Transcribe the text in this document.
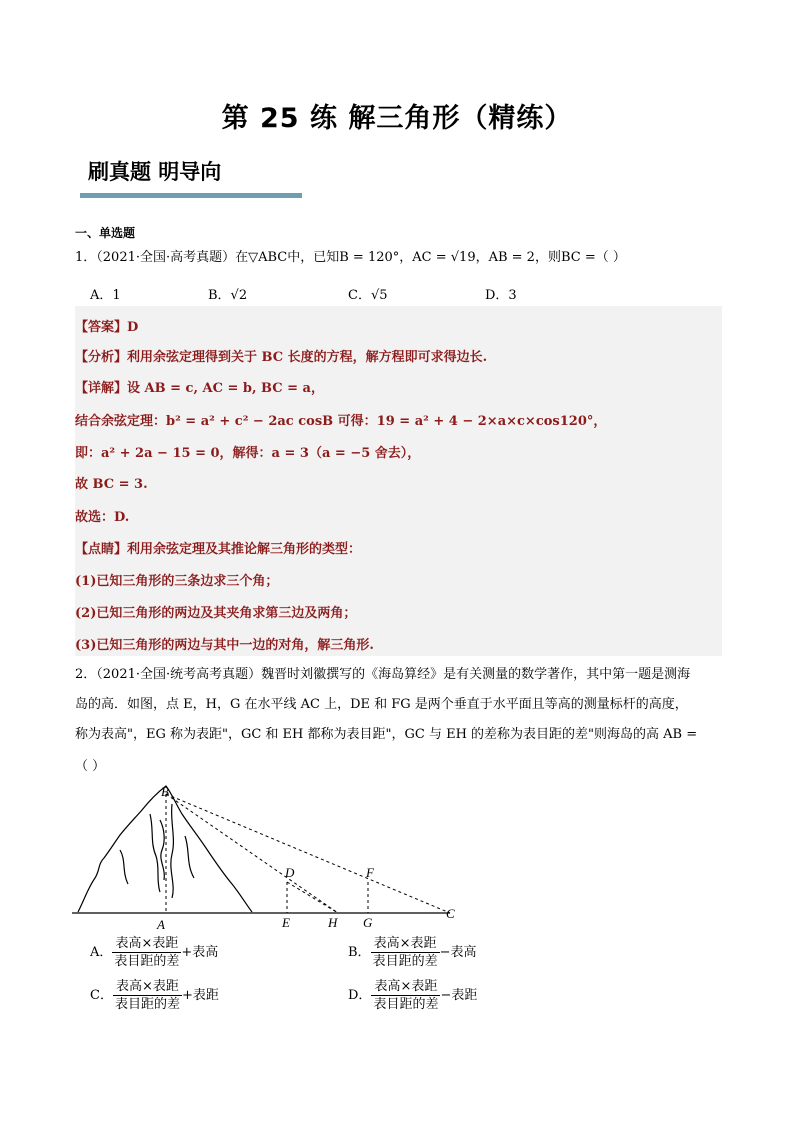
第 25 练 解三角形（精练）
刷真题 明导向
一、单选题
1．（2021·全国·高考真题）在▽ABC中，已知B = 120°，AC = √19，AB = 2，则BC =（ ）
A．1	B．√2	C．√5	D．3
【答案】D
【分析】利用余弦定理得到关于 BC 长度的方程，解方程即可求得边长.
【详解】设 AB = c, AC = b, BC = a，
结合余弦定理：b² = a² + c² − 2ac cosB 可得：19 = a² + 4 − 2×a×c×cos120°，
即：a² + 2a − 15 = 0，解得：a = 3（a = −5 舍去），
故 BC = 3.
故选：D.
【点睛】利用余弦定理及其推论解三角形的类型：
(1)已知三角形的三条边求三个角；
(2)已知三角形的两边及其夹角求第三边及两角；
(3)已知三角形的两边与其中一边的对角，解三角形.
2．（2021·全国·统考高考真题）魏晋时刘徽撰写的《海岛算经》是有关测量的数学著作，其中第一题是测海
岛的高．如图，点 E，H，G 在水平线 AC 上，DE 和 FG 是两个垂直于水平面且等高的测量标杆的高度，
称为表高"，EG 称为表距"，GC 和 EH 都称为表目距"，GC 与 EH 的差称为表目距的差"则海岛的高 AB =
（ ）
B
A
D
E	H
F
G
C
A． $\frac{\text{表高×表距}}{\text{表目距的差}}$ +表高	B． $\frac{\text{表高×表距}}{\text{表目距的差}}$ −表高
C． $\frac{\text{表高×表距}}{\text{表目距的差}}$ +表距	D． $\frac{\text{表高×表距}}{\text{表目距的差}}$ −表距
